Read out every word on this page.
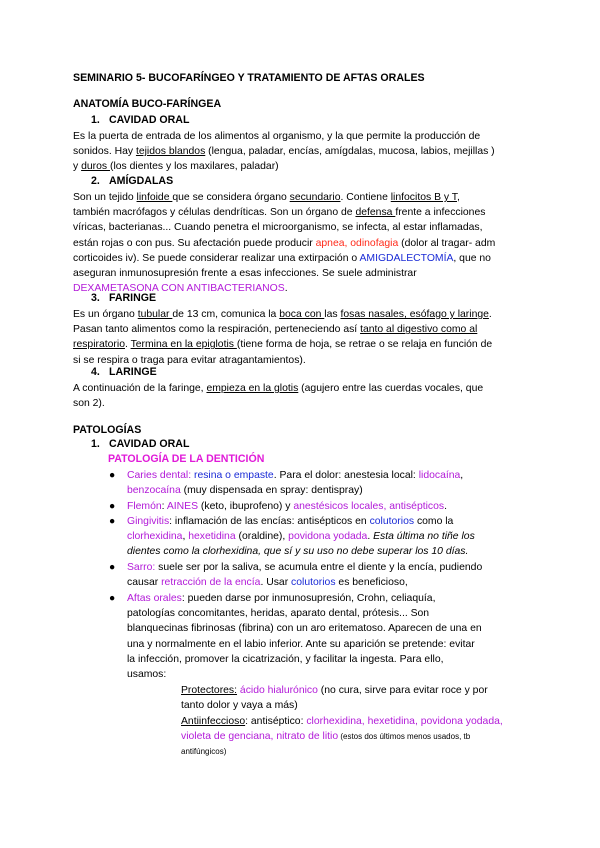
SEMINARIO 5- BUCOFARÍNGEO Y TRATAMIENTO DE AFTAS ORALES
ANATOMÍA BUCO-FARÍNGEA
1. CAVIDAD ORAL
Es la puerta de entrada de los alimentos al organismo, y la que permite la producción de
sonidos. Hay tejidos blandos (lengua, paladar, encías, amígdalas, mucosa, labios, mejillas )
y duros (los dientes y los maxilares, paladar)
2. AMÍGDALAS
Son un tejido linfoide que se considera órgano secundario. Contiene linfocitos B y T,
también macrófagos y células dendríticas. Son un órgano de defensa frente a infecciones
víricas, bacterianas... Cuando penetra el microorganismo, se infecta, al estar inflamadas,
están rojas o con pus. Su afectación puede producir apnea, odinofagia (dolor al tragar- adm
corticoides iv). Se puede considerar realizar una extirpación o AMIGDALECTOMÍA, que no
aseguran inmunosupresión frente a esas infecciones. Se suele administrar
DEXAMETASONA CON ANTIBACTERIANOS.
3. FARINGE
Es un órgano tubular de 13 cm, comunica la boca con las fosas nasales, esófago y laringe.
Pasan tanto alimentos como la respiración, perteneciendo así tanto al digestivo como al
respiratorio. Termina en la epiglotis (tiene forma de hoja, se retrae o se relaja en función de
si se respira o traga para evitar atragantamientos).
4. LARINGE
A continuación de la faringe, empieza en la glotis (agujero entre las cuerdas vocales, que
son 2).
PATOLOGÍAS
1. CAVIDAD ORAL
PATOLOGÍA DE LA DENTICIÓN
● Caries dental: resina o empaste. Para el dolor: anestesia local: lidocaína,
benzocaína (muy dispensada en spray: dentispray)
● Flemón: AINES (keto, ibuprofeno) y anestésicos locales, antisépticos.
● Gingivitis: inflamación de las encías: antisépticos en colutorios como la
clorhexidina, hexetidina (oraldine), povidona yodada. Esta última no tiñe los
dientes como la clorhexidina, que sí y su uso no debe superar los 10 días.
● Sarro: suele ser por la saliva, se acumula entre el diente y la encía, pudiendo
causar retracción de la encía. Usar colutorios es beneficioso,
● Aftas orales: pueden darse por inmunosupresión, Crohn, celiaquía,
patologías concomitantes, heridas, aparato dental, prótesis... Son
blanquecinas fibrinosas (fibrina) con un aro eritematoso. Aparecen de una en
una y normalmente en el labio inferior. Ante su aparición se pretende: evitar
la infección, promover la cicatrización, y facilitar la ingesta. Para ello,
usamos:
Protectores: ácido hialurónico (no cura, sirve para evitar roce y por
tanto dolor y vaya a más)
Antiinfeccioso: antiséptico: clorhexidina, hexetidina, povidona yodada,
violeta de genciana, nitrato de litio (estos dos últimos menos usados, tb
antifúngicos)
